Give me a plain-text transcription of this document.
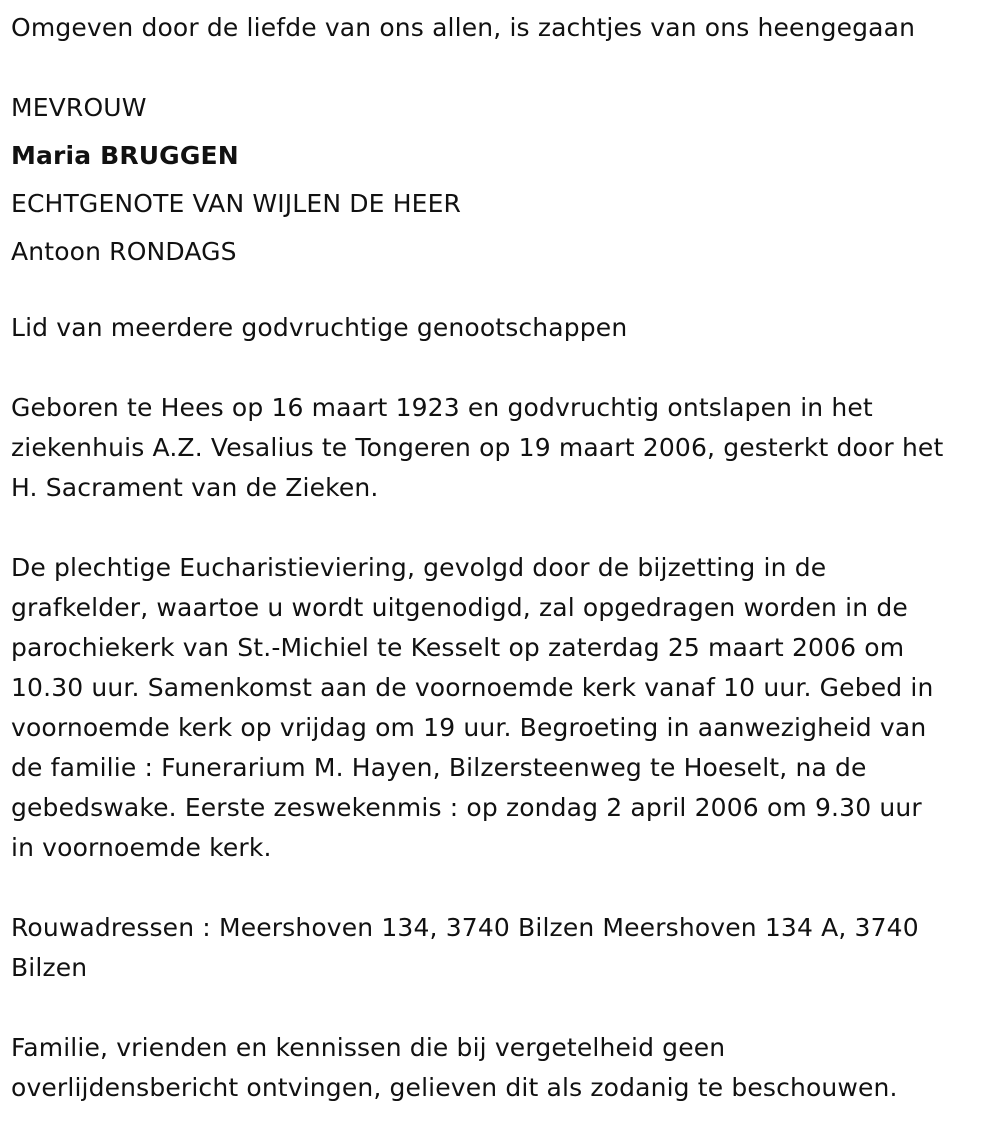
Omgeven door de liefde van ons allen, is zachtjes van ons heengegaan

MEVROUW

Maria BRUGGEN

ECHTGENOTE VAN WIJLEN DE HEER

Antoon RONDAGS

Lid van meerdere godvruchtige genootschappen

Geboren te Hees op 16 maart 1923 en godvruchtig ontslapen in het
ziekenhuis A.Z. Vesalius te Tongeren op 19 maart 2006, gesterkt door het
H. Sacrament van de Zieken.
De plechtige Eucharistieviering, gevolgd door de bijzetting in de
grafkelder, waartoe u wordt uitgenodigd, zal opgedragen worden in de
parochiekerk van St.-Michiel te Kesselt op zaterdag 25 maart 2006 om
10.30 uur. Samenkomst aan de voornoemde kerk vanaf 10 uur. Gebed in
voornoemde kerk op vrijdag om 19 uur. Begroeting in aanwezigheid van
de familie : Funerarium M. Hayen, Bilzersteenweg te Hoeselt, na de
gebedswake. Eerste zeswekenmis : op zondag 2 april 2006 om 9.30 uur
in voornoemde kerk.
Rouwadressen : Meershoven 134, 3740 Bilzen Meershoven 134 A, 3740
Bilzen
Familie, vrienden en kennissen die bij vergetelheid geen
overlijdensbericht ontvingen, gelieven dit als zodanig te beschouwen.
